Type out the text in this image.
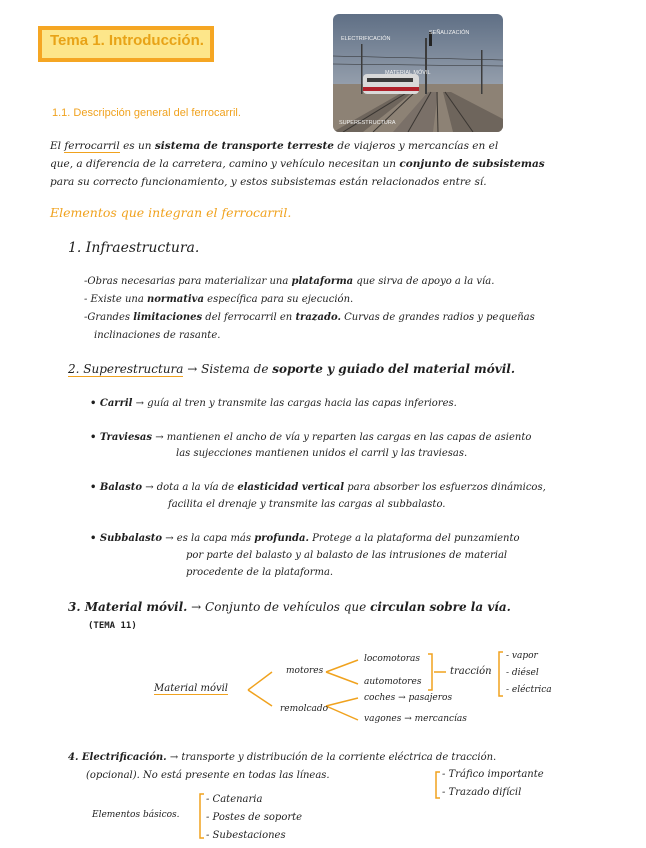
Tema 1. Introducción.	SEÑALIZACIÓN
ELECTRIFICACIÓN
MATERIAL MÓVIL
SUPERESTRUCTURA

1.1. Descripción general del ferrocarril.

El ferrocarril es un sistema de transporte terreste de viajeros y mercancías en el

que, a diferencia de la carretera, camino y vehículo necesitan un conjunto de subsistemas

para su correcto funcionamiento, y estos subsistemas están relacionados entre sí.

Elementos que integran el ferrocarril.

1. Infraestructura.

-Obras necesarias para materializar una plataforma que sirva de apoyo a la vía.

- Existe una normativa específica para su ejecución.

-Grandes limitaciones del ferrocarril en trazado. Curvas de grandes radios y pequeñas

inclinaciones de rasante.

2. Superestructura → Sistema de soporte y guiado del material móvil.

• Carril → guía al tren y transmite las cargas hacia las capas inferiores.

• Traviesas → mantienen el ancho de vía y reparten las cargas en las capas de asiento

las sujecciones mantienen unidos el carril y las traviesas.

• Balasto → dota a la vía de elasticidad vertical para absorber los esfuerzos dinámicos,

facilita el drenaje y transmite las cargas al subbalasto.

• Subbalasto → es la capa más profunda. Protege a la plataforma del punzamiento

por parte del balasto y al balasto de las intrusiones de material

procedente de la plataforma.

3. Material móvil. → Conjunto de vehículos que circulan sobre la vía.

(TEMA 11)

Material móvil

motores

remolcado

locomotoras

automotores

tracción

- vapor

- diésel

- eléctrica

coches → pasajeros

vagones → mercancías

4. Electrificación. → transporte y distribución de la corriente eléctrica de tracción.

(opcional). No está presente en todas las líneas.	- Tráfico importante

- Trazado difícil

Elementos básicos.

- Catenaria

- Postes de soporte

- Subestaciones
